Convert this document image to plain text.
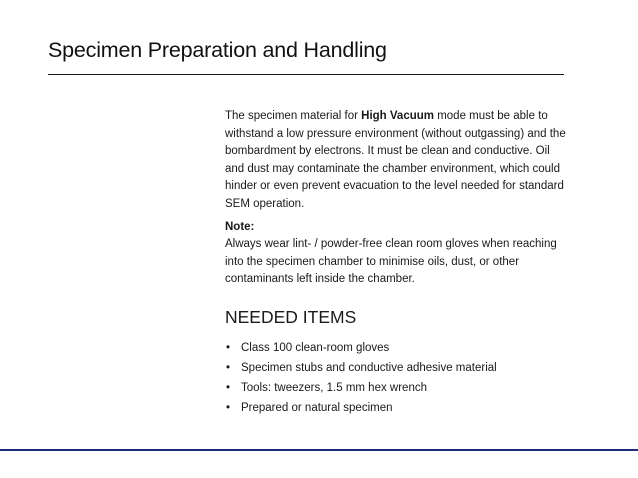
Specimen Preparation and Handling

The specimen material for High Vacuum mode must be able to withstand a low pressure environment (without outgassing) and the bombardment by electrons. It must be clean and conductive. Oil and dust may contaminate the chamber environment, which could hinder or even prevent evacuation to the level needed for standard SEM operation.

Note:

Always wear lint- / powder-free clean room gloves when reaching into the specimen chamber to minimise oils, dust, or other contaminants left inside the chamber.

NEEDED ITEMS
• Class 100 clean-room gloves
• Specimen stubs and conductive adhesive material
• Tools: tweezers, 1.5 mm hex wrench
• Prepared or natural specimen
